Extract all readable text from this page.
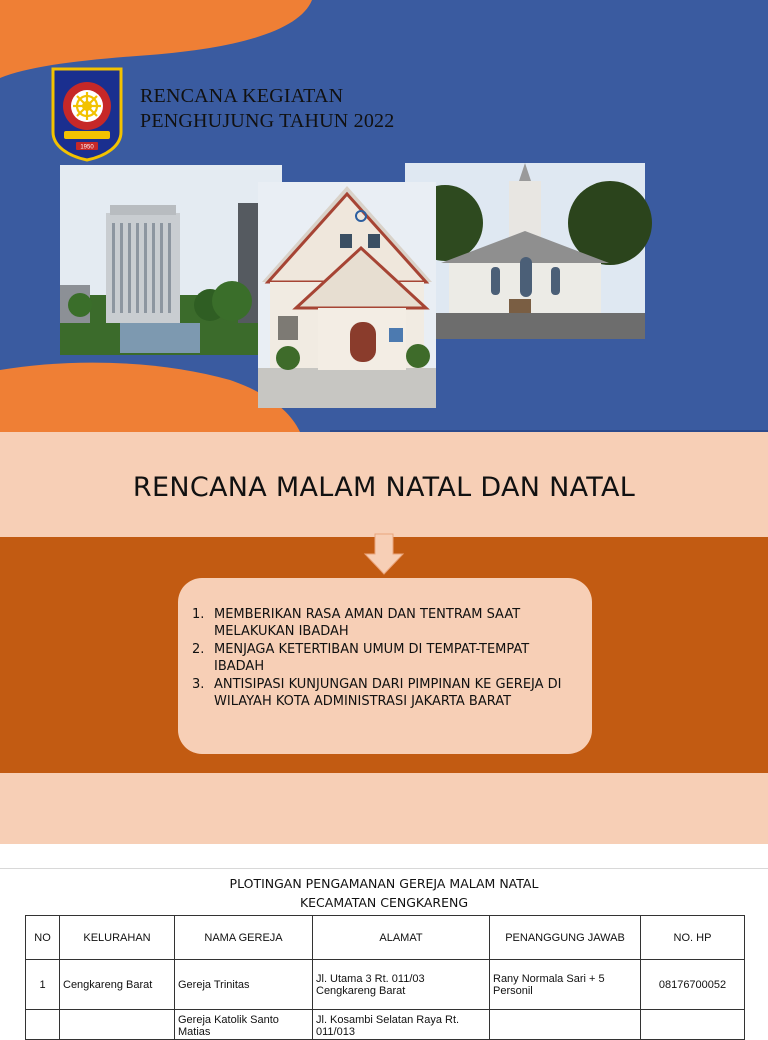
1950
RENCANA KEGIATAN
PENGHUJUNG TAHUN 2022
RENCANA MALAM NATAL DAN NATAL
1. MEMBERIKAN RASA AMAN DAN TENTRAM SAAT MELAKUKAN IBADAH
2. MENJAGA KETERTIBAN UMUM DI TEMPAT-TEMPAT IBADAH
3. ANTISIPASI KUNJUNGAN DARI PIMPINAN KE GEREJA DI WILAYAH KOTA ADMINISTRASI JAKARTA BARAT
PLOTINGAN PENGAMANAN GEREJA MALAM NATAL
KECAMATAN CENGKARENG
NO	KELURAHAN	NAMA GEREJA	ALAMAT	PENANGGUNG JAWAB	NO. HP
1	Cengkareng Barat	Gereja Trinitas	Jl. Utama 3 Rt. 011/03 Cengkareng Barat	Rany Normala Sari + 5 Personil	08176700052
		Gereja Katolik Santo Matias	Jl. Kosambi Selatan Raya Rt. 011/013		
